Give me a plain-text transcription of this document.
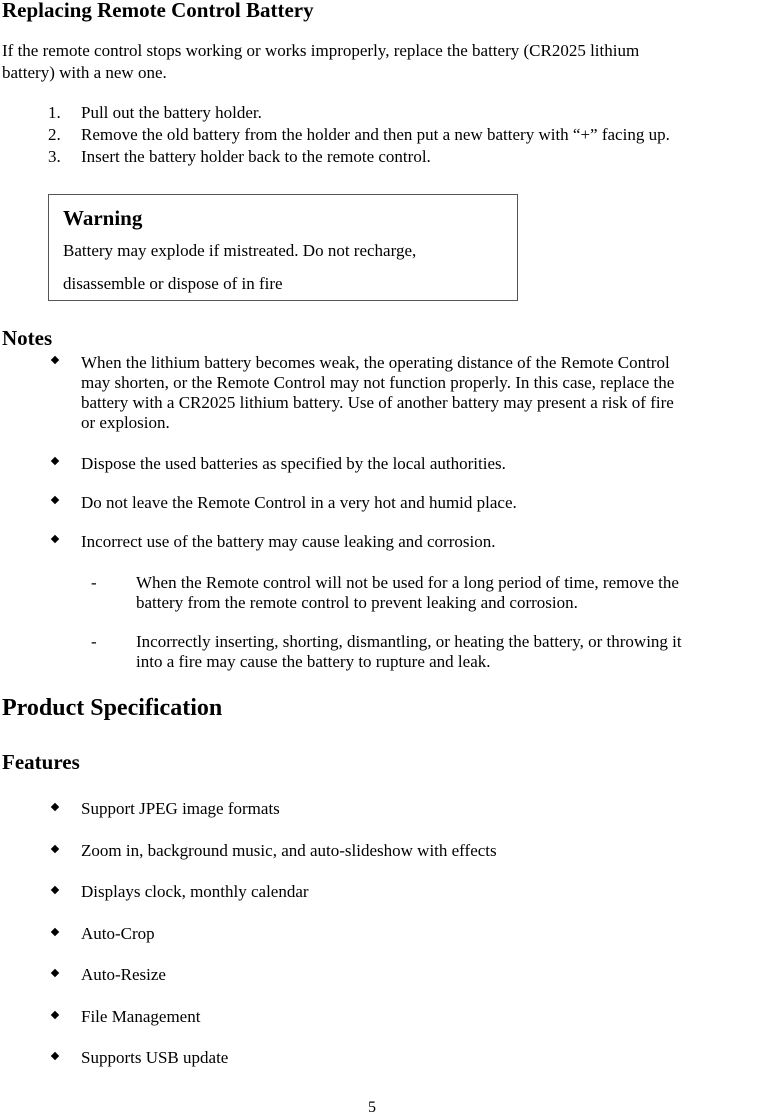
Replacing Remote Control Battery
If the remote control stops working or works improperly, replace the battery (CR2025 lithium
battery) with a new one.
1. Pull out the battery holder.
2. Remove the old battery from the holder and then put a new battery with “+” facing up.
3. Insert the battery holder back to the remote control.
Warning
Battery may explode if mistreated. Do not recharge,
disassemble or dispose of in fire
Notes
When the lithium battery becomes weak, the operating distance of the Remote Control
may shorten, or the Remote Control may not function properly. In this case, replace the
battery with a CR2025 lithium battery. Use of another battery may present a risk of fire
or explosion.
Dispose the used batteries as specified by the local authorities.
Do not leave the Remote Control in a very hot and humid place.
Incorrect use of the battery may cause leaking and corrosion.
- When the Remote control will not be used for a long period of time, remove the
battery from the remote control to prevent leaking and corrosion.
- Incorrectly inserting, shorting, dismantling, or heating the battery, or throwing it
into a fire may cause the battery to rupture and leak.
Product Specification
Features
Support JPEG image formats
Zoom in, background music, and auto-slideshow with effects
Displays clock, monthly calendar
Auto-Crop
Auto-Resize
File Management
Supports USB update
5
